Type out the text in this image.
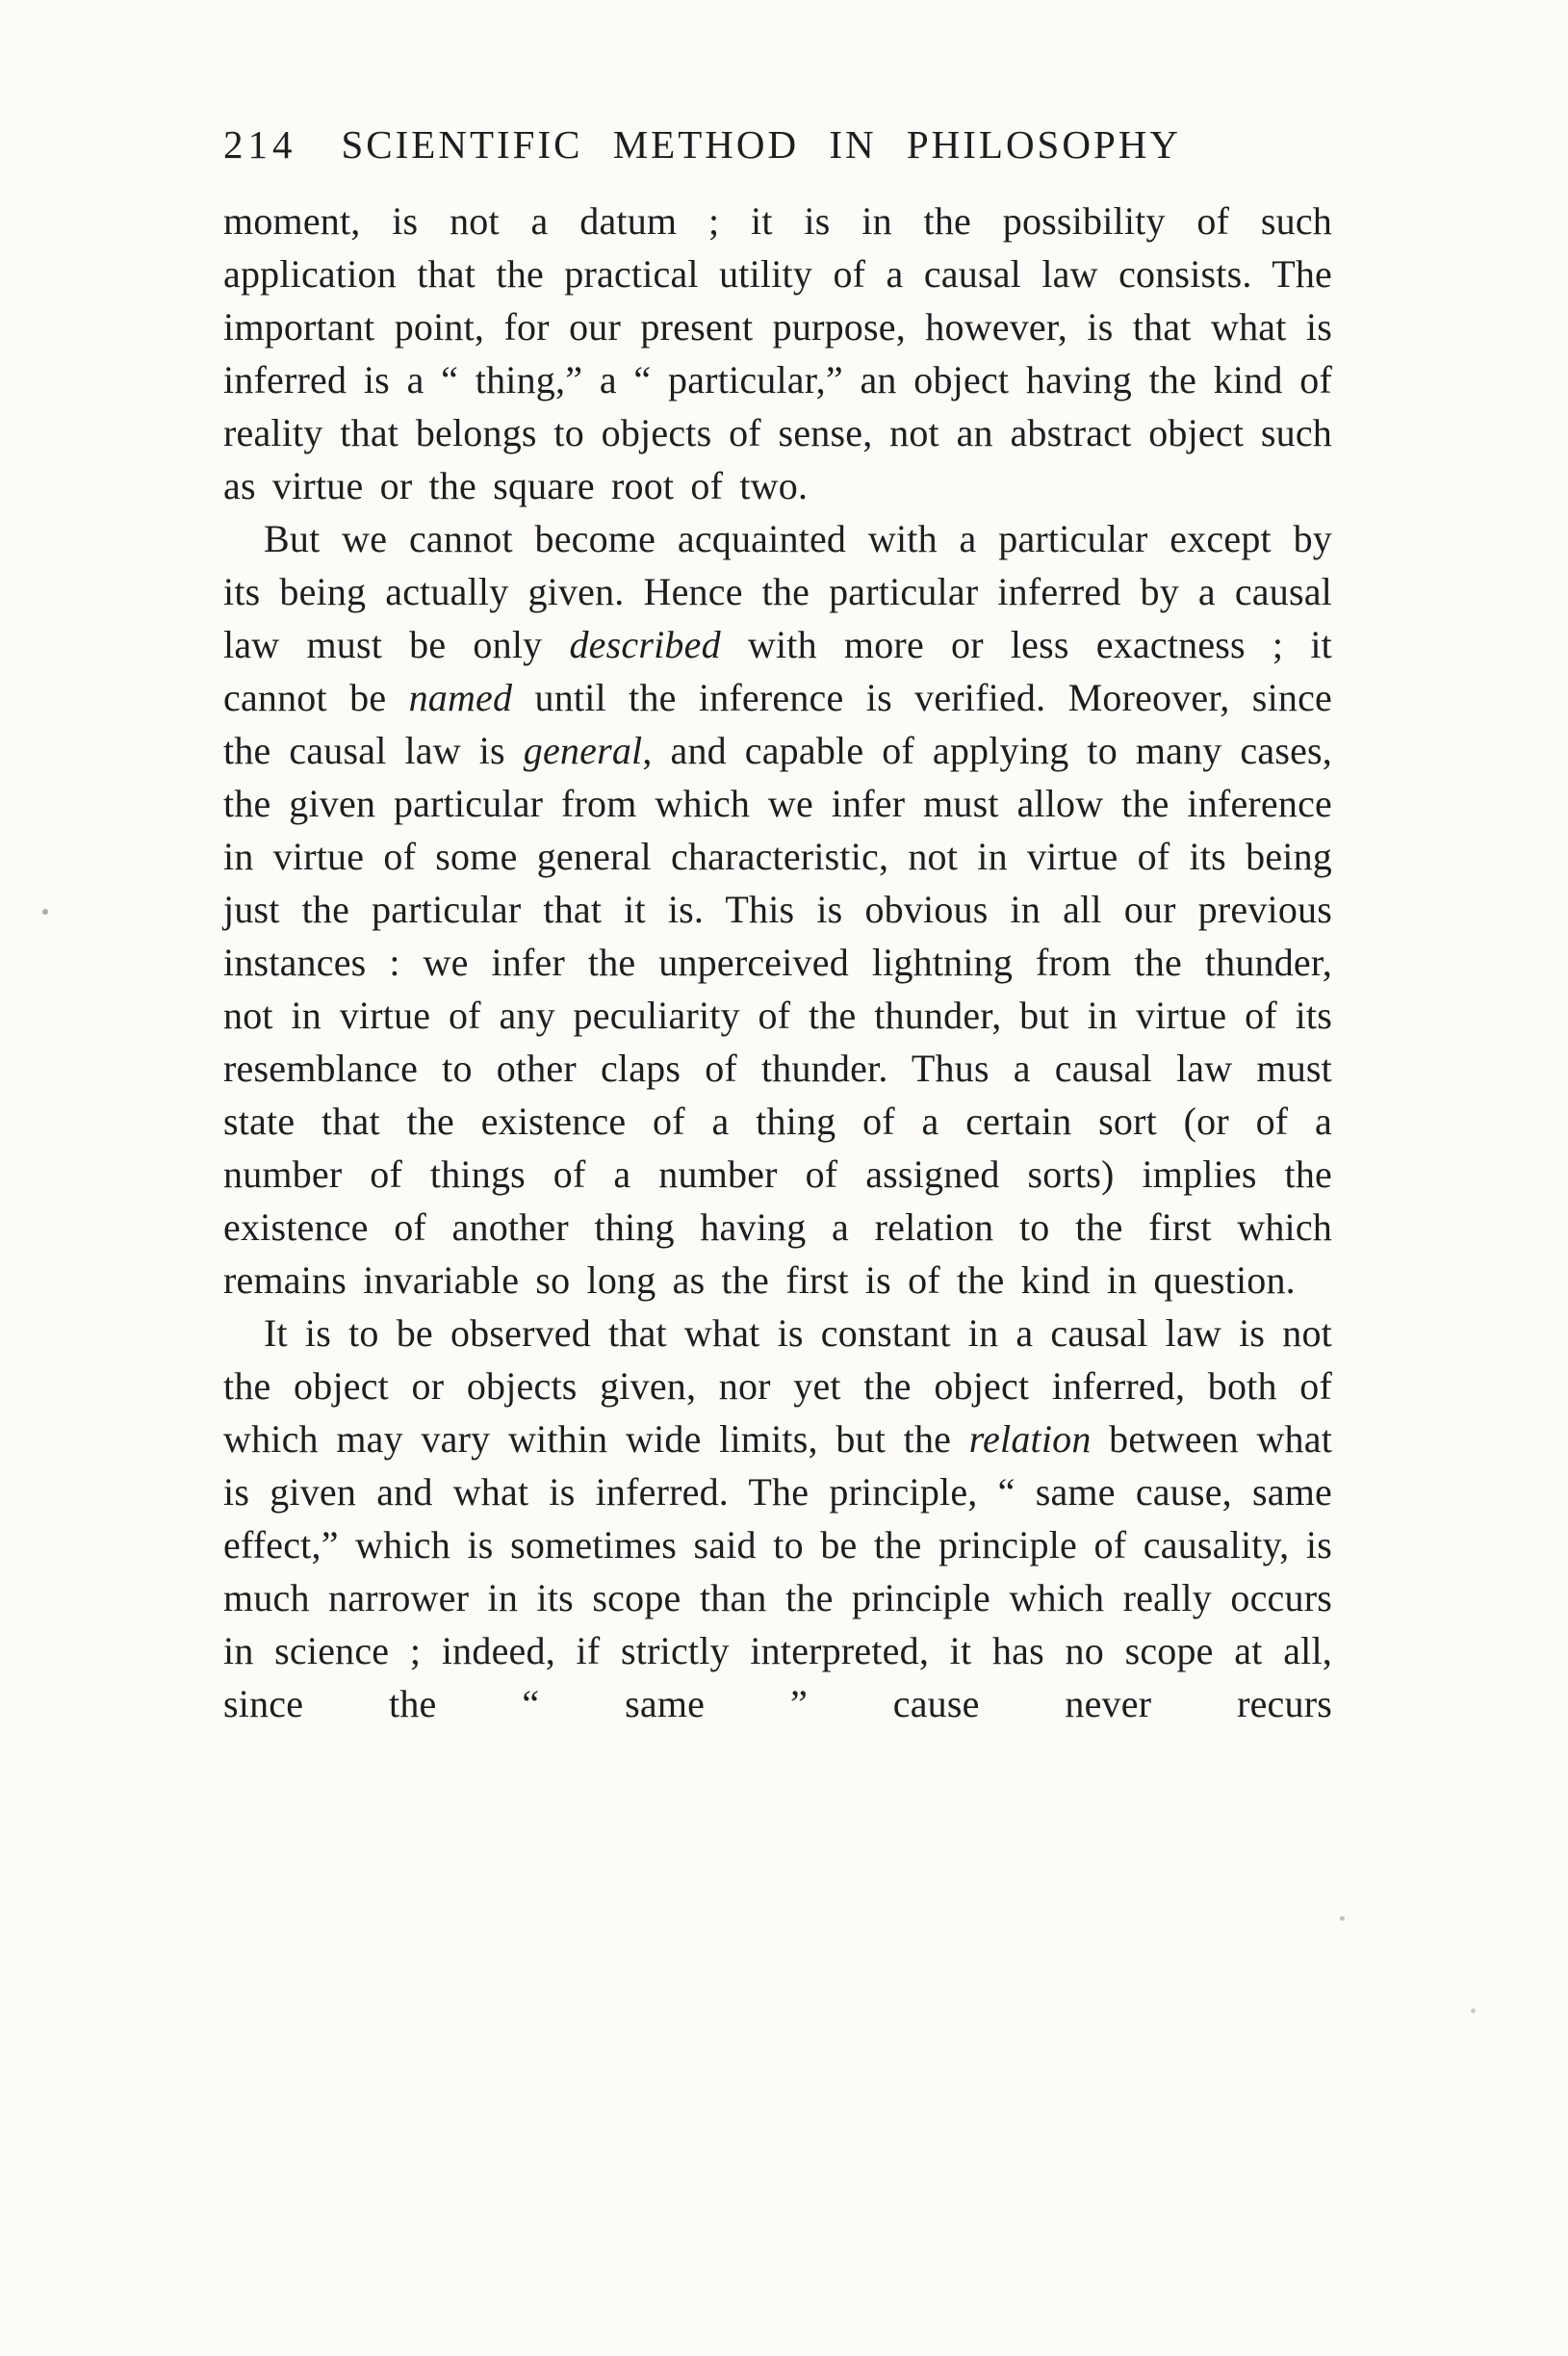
214 SCIENTIFIC METHOD IN PHILOSOPHY

moment, is not a datum ; it is in the possibility of such application that the practical utility of a causal law consists. The important point, for our present purpose, however, is that what is inferred is a “ thing,” a “ particular,” an object having the kind of reality that belongs to objects of sense, not an abstract object such as virtue or the square root of two.

But we cannot become acquainted with a particular except by its being actually given. Hence the particular inferred by a causal law must be only described with more or less exactness ; it cannot be named until the inference is verified. Moreover, since the causal law is general, and capable of applying to many cases, the given particular from which we infer must allow the inference in virtue of some general characteristic, not in virtue of its being just the particular that it is. This is obvious in all our previous instances : we infer the unperceived lightning from the thunder, not in virtue of any peculiarity of the thunder, but in virtue of its resemblance to other claps of thunder. Thus a causal law must state that the existence of a thing of a certain sort (or of a number of things of a number of assigned sorts) implies the existence of another thing having a relation to the first which remains invariable so long as the first is of the kind in question.

It is to be observed that what is constant in a causal law is not the object or objects given, nor yet the object inferred, both of which may vary within wide limits, but the relation between what is given and what is inferred. The principle, “ same cause, same effect,” which is sometimes said to be the principle of causality, is much narrower in its scope than the principle which really occurs in science ; indeed, if strictly interpreted, it has no scope at all, since the “ same ” cause never recurs
